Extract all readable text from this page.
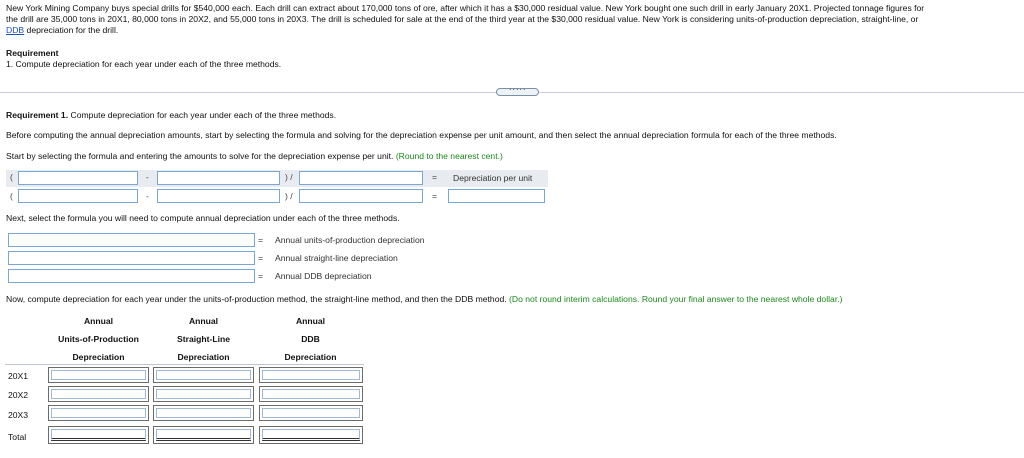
New York Mining Company buys special drills for $540,000 each. Each drill can extract about 170,000 tons of ore, after which it has a $30,000 residual value. New York bought one such drill in early January 20X1. Projected tonnage figures for
the drill are 35,000 tons in 20X1, 80,000 tons in 20X2, and 55,000 tons in 20X3. The drill is scheduled for sale at the end of the third year at the $30,000 residual value. New York is considering units-of-production depreciation, straight-line, or
DDB depreciation for the drill.
Requirement
1. Compute depreciation for each year under each of the three methods.
·····
Requirement 1. Compute depreciation for each year under each of the three methods.
Before computing the annual depreciation amounts, start by selecting the formula and solving for the depreciation expense per unit amount, and then select the annual depreciation formula for each of the three methods.
Start by selecting the formula and entering the amounts to solve for the depreciation expense per unit. (Round to the nearest cent.)
(	-	) /	= Depreciation per unit
(	-	) /	=
Next, select the formula you will need to compute annual depreciation under each of the three methods.
= Annual units-of-production depreciation
= Annual straight-line depreciation
= Annual DDB depreciation
Now, compute depreciation for each year under the units-of-production method, the straight-line method, and then the DDB method. (Do not round interim calculations. Round your final answer to the nearest whole dollar.)
Annual
Units-of-Production
Depreciation
Annual
Straight-Line
Depreciation
Annual
DDB
Depreciation
20X1
20X2
20X3
Total
